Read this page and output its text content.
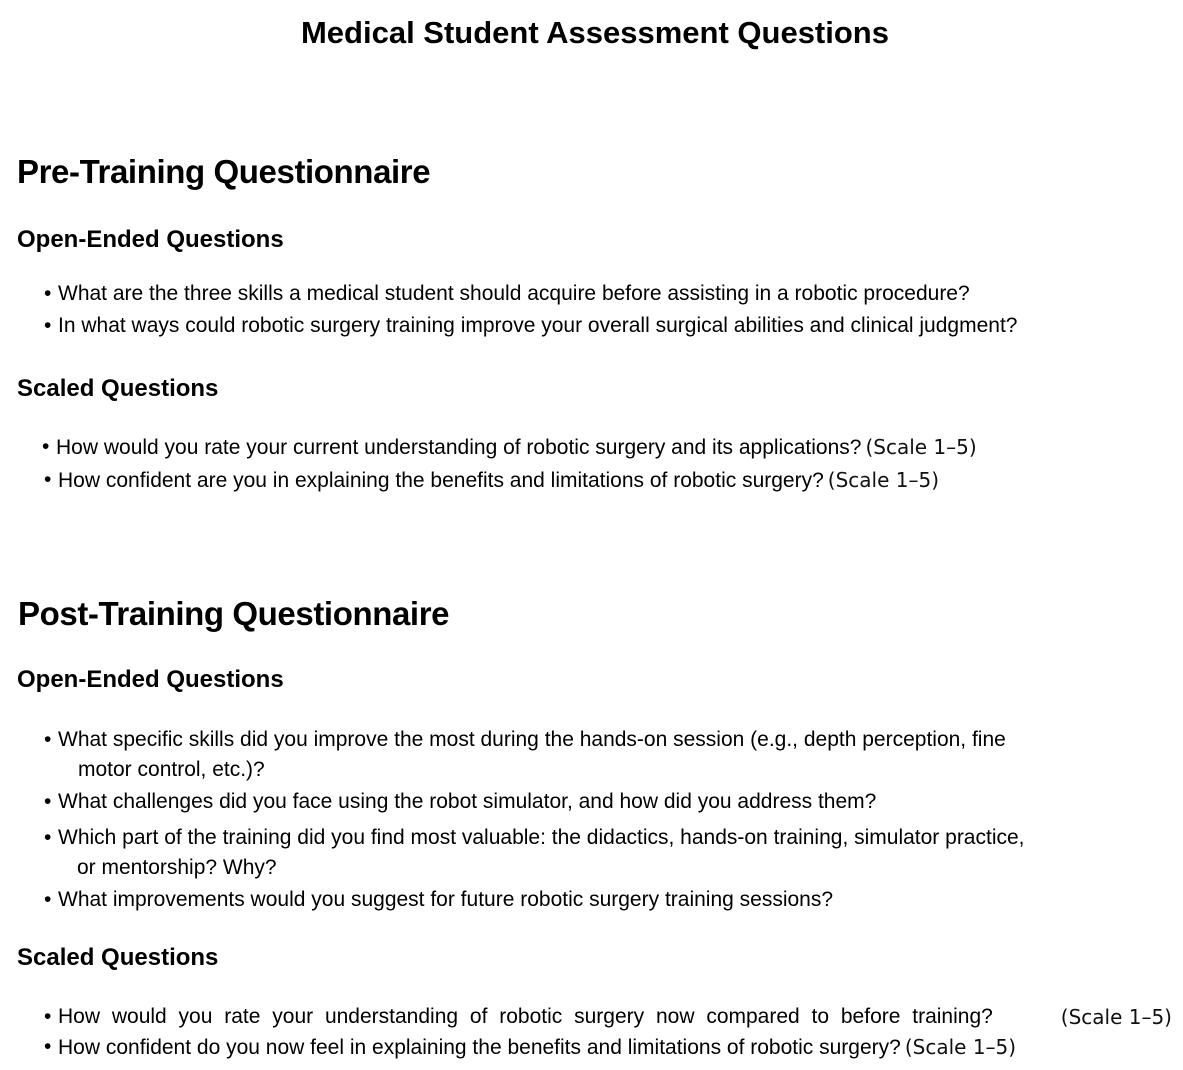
Medical Student Assessment Questions
Pre-Training Questionnaire
Open-Ended Questions
• What are the three skills a medical student should acquire before assisting in a robotic procedure?
• In what ways could robotic surgery training improve your overall surgical abilities and clinical judgment?
Scaled Questions
• How would you rate your current understanding of robotic surgery and its applications? (Scale 1–5)
• How confident are you in explaining the benefits and limitations of robotic surgery? (Scale 1–5)
Post-Training Questionnaire
Open-Ended Questions
• What specific skills did you improve the most during the hands-on session (e.g., depth perception, fine
motor control, etc.)?
• What challenges did you face using the robot simulator, and how did you address them?
• Which part of the training did you find most valuable: the didactics, hands-on training, simulator practice,
or mentorship? Why?
• What improvements would you suggest for future robotic surgery training sessions?
Scaled Questions
• How would you rate your understanding of robotic surgery now compared to before training?	(Scale 1–5)
• How confident do you now feel in explaining the benefits and limitations of robotic surgery? (Scale 1–5)
